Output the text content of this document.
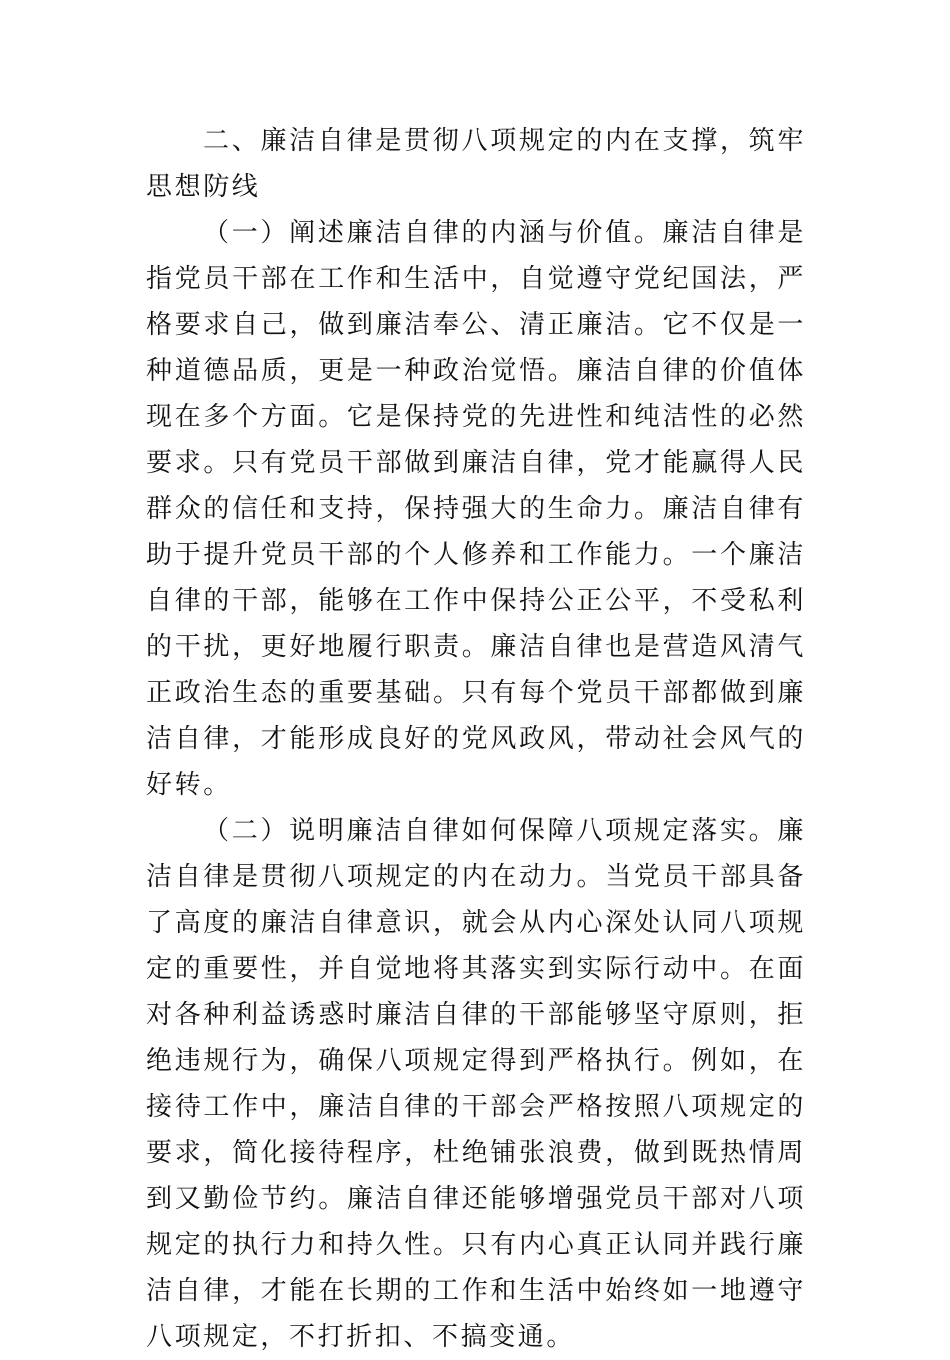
二、廉洁自律是贯彻八项规定的内在支撑，筑牢思想防线

（一）阐述廉洁自律的内涵与价值。廉洁自律是指党员干部在工作和生活中，自觉遵守党纪国法，严格要求自己，做到廉洁奉公、清正廉洁。它不仅是一种道德品质，更是一种政治觉悟。廉洁自律的价值体现在多个方面。它是保持党的先进性和纯洁性的必然要求。只有党员干部做到廉洁自律，党才能赢得人民群众的信任和支持，保持强大的生命力。廉洁自律有助于提升党员干部的个人修养和工作能力。一个廉洁自律的干部，能够在工作中保持公正公平，不受私利的干扰，更好地履行职责。廉洁自律也是营造风清气正政治生态的重要基础。只有每个党员干部都做到廉洁自律，才能形成良好的党风政风，带动社会风气的好转。

（二）说明廉洁自律如何保障八项规定落实。廉洁自律是贯彻八项规定的内在动力。当党员干部具备了高度的廉洁自律意识，就会从内心深处认同八项规定的重要性，并自觉地将其落实到实际行动中。在面对各种利益诱惑时廉洁自律的干部能够坚守原则，拒绝违规行为，确保八项规定得到严格执行。例如，在接待工作中，廉洁自律的干部会严格按照八项规定的要求，简化接待程序，杜绝铺张浪费，做到既热情周到又勤俭节约。廉洁自律还能够增强党员干部对八项规定的执行力和持久性。只有内心真正认同并践行廉洁自律，才能在长期的工作和生活中始终如一地遵守八项规定，不打折扣、不搞变通。
